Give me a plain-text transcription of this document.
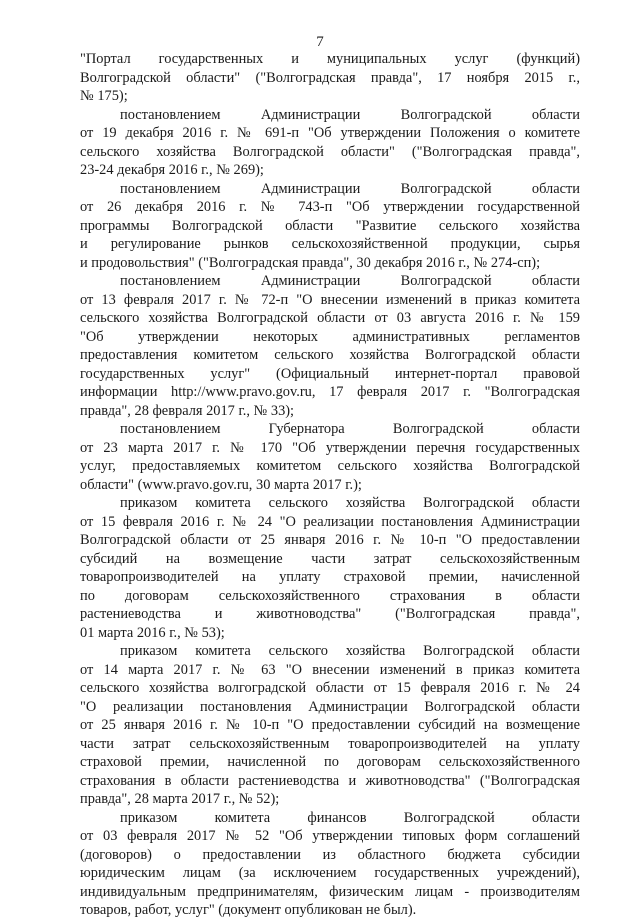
7
"Портал государственных и муниципальных услуг (функций)
Волгоградской области" ("Волгоградская правда", 17 ноября 2015 г.,
№ 175);
постановлением Администрации Волгоградской области
от 19 декабря 2016 г. № 691-п "Об утверждении Положения о комитете
сельского хозяйства Волгоградской области" ("Волгоградская правда",
23-24 декабря 2016 г., № 269);
постановлением Администрации Волгоградской области
от 26 декабря 2016 г. № 743-п "Об утверждении государственной
программы Волгоградской области "Развитие сельского хозяйства
и регулирование рынков сельскохозяйственной продукции, сырья
и продовольствия" ("Волгоградская правда", 30 декабря 2016 г., № 274-сп);
постановлением Администрации Волгоградской области
от 13 февраля 2017 г. № 72-п "О внесении изменений в приказ комитета
сельского хозяйства Волгоградской области от 03 августа 2016 г. № 159
"Об утверждении некоторых административных регламентов
предоставления комитетом сельского хозяйства Волгоградской области
государственных услуг" (Официальный интернет-портал правовой
информации http://www.pravo.gov.ru, 17 февраля 2017 г. "Волгоградская
правда", 28 февраля 2017 г., № 33);
постановлением Губернатора Волгоградской области
от 23 марта 2017 г. № 170 "Об утверждении перечня государственных
услуг, предоставляемых комитетом сельского хозяйства Волгоградской
области" (www.pravo.gov.ru, 30 марта 2017 г.);
приказом комитета сельского хозяйства Волгоградской области
от 15 февраля 2016 г. № 24 "О реализации постановления Администрации
Волгоградской области от 25 января 2016 г. № 10-п "О предоставлении
субсидий на возмещение части затрат сельскохозяйственным
товаропроизводителей на уплату страховой премии, начисленной
по договорам сельскохозяйственного страхования в области
растениеводства и животноводства" ("Волгоградская правда",
01 марта 2016 г., № 53);
приказом комитета сельского хозяйства Волгоградской области
от 14 марта 2017 г. № 63 "О внесении изменений в приказ комитета
сельского хозяйства волгоградской области от 15 февраля 2016 г. № 24
"О реализации постановления Администрации Волгоградской области
от 25 января 2016 г. № 10-п "О предоставлении субсидий на возмещение
части затрат сельскохозяйственным товаропроизводителей на уплату
страховой премии, начисленной по договорам сельскохозяйственного
страхования в области растениеводства и животноводства" ("Волгоградская
правда", 28 марта 2017 г., № 52);
приказом комитета финансов Волгоградской области
от 03 февраля 2017 № 52 "Об утверждении типовых форм соглашений
(договоров) о предоставлении из областного бюджета субсидии
юридическим лицам (за исключением государственных учреждений),
индивидуальным предпринимателям, физическим лицам - производителям
товаров, работ, услуг" (документ опубликован не был).
